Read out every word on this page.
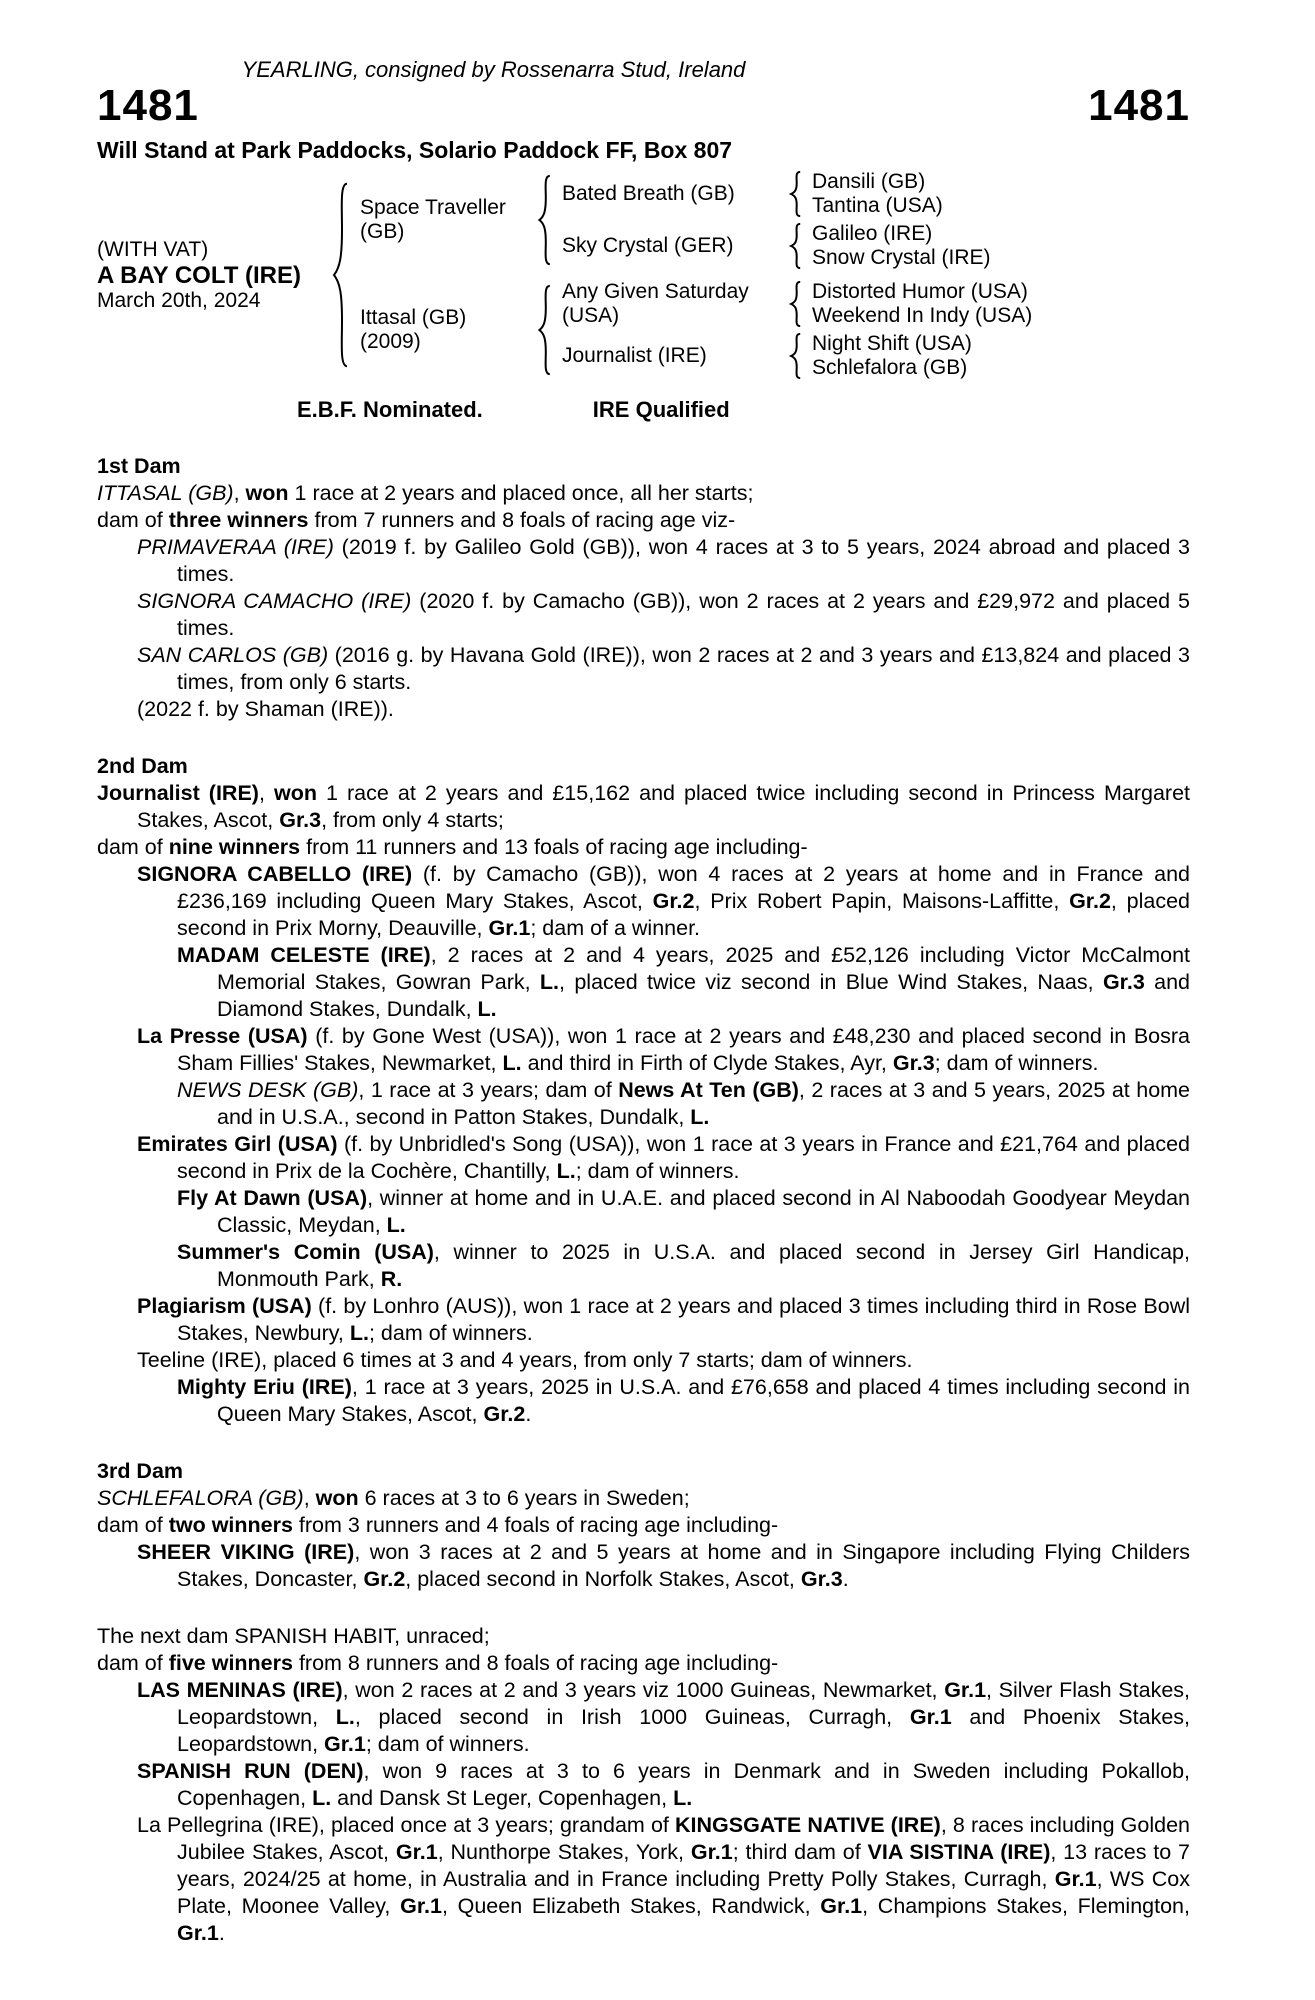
YEARLING, consigned by Rossenarra Stud, Ireland
1481	1481
Will Stand at Park Paddocks, Solario Paddock FF, Box 807
(WITH VAT)
A BAY COLT (IRE)
March 20th, 2024
Space Traveller (GB)
Bated Breath (GB)
Dansili (GB)
Tantina (USA)
Sky Crystal (GER)
Galileo (IRE)
Snow Crystal (IRE)
Ittasal (GB) (2009)
Any Given Saturday (USA)
Distorted Humor (USA)
Weekend In Indy (USA)
Journalist (IRE)
Night Shift (USA)
Schlefalora (GB)
E.B.F. Nominated.	IRE Qualified
1st Dam

ITTASAL (GB), won 1 race at 2 years and placed once, all her starts;

dam of three winners from 7 runners and 8 foals of racing age viz-

PRIMAVERAA (IRE) (2019 f. by Galileo Gold (GB)), won 4 races at 3 to 5 years, 2024 abroad and placed 3 times.

SIGNORA CAMACHO (IRE) (2020 f. by Camacho (GB)), won 2 races at 2 years and £29,972 and placed 5 times.

SAN CARLOS (GB) (2016 g. by Havana Gold (IRE)), won 2 races at 2 and 3 years and £13,824 and placed 3 times, from only 6 starts.

(2022 f. by Shaman (IRE)).

2nd Dam

Journalist (IRE), won 1 race at 2 years and £15,162 and placed twice including second in Princess Margaret Stakes, Ascot, Gr.3, from only 4 starts;

dam of nine winners from 11 runners and 13 foals of racing age including-

SIGNORA CABELLO (IRE) (f. by Camacho (GB)), won 4 races at 2 years at home and in France and £236,169 including Queen Mary Stakes, Ascot, Gr.2, Prix Robert Papin, Maisons-Laffitte, Gr.2, placed second in Prix Morny, Deauville, Gr.1; dam of a winner.

MADAM CELESTE (IRE), 2 races at 2 and 4 years, 2025 and £52,126 including Victor McCalmont Memorial Stakes, Gowran Park, L., placed twice viz second in Blue Wind Stakes, Naas, Gr.3 and Diamond Stakes, Dundalk, L.

La Presse (USA) (f. by Gone West (USA)), won 1 race at 2 years and £48,230 and placed second in Bosra Sham Fillies' Stakes, Newmarket, L. and third in Firth of Clyde Stakes, Ayr, Gr.3; dam of winners.

NEWS DESK (GB), 1 race at 3 years; dam of News At Ten (GB), 2 races at 3 and 5 years, 2025 at home and in U.S.A., second in Patton Stakes, Dundalk, L.

Emirates Girl (USA) (f. by Unbridled's Song (USA)), won 1 race at 3 years in France and £21,764 and placed second in Prix de la Cochère, Chantilly, L.; dam of winners.

Fly At Dawn (USA), winner at home and in U.A.E. and placed second in Al Naboodah Goodyear Meydan Classic, Meydan, L.

Summer's Comin (USA), winner to 2025 in U.S.A. and placed second in Jersey Girl Handicap, Monmouth Park, R.

Plagiarism (USA) (f. by Lonhro (AUS)), won 1 race at 2 years and placed 3 times including third in Rose Bowl Stakes, Newbury, L.; dam of winners.

Teeline (IRE), placed 6 times at 3 and 4 years, from only 7 starts; dam of winners.

Mighty Eriu (IRE), 1 race at 3 years, 2025 in U.S.A. and £76,658 and placed 4 times including second in Queen Mary Stakes, Ascot, Gr.2.

3rd Dam

SCHLEFALORA (GB), won 6 races at 3 to 6 years in Sweden;

dam of two winners from 3 runners and 4 foals of racing age including-

SHEER VIKING (IRE), won 3 races at 2 and 5 years at home and in Singapore including Flying Childers Stakes, Doncaster, Gr.2, placed second in Norfolk Stakes, Ascot, Gr.3.

The next dam SPANISH HABIT, unraced;

dam of five winners from 8 runners and 8 foals of racing age including-

LAS MENINAS (IRE), won 2 races at 2 and 3 years viz 1000 Guineas, Newmarket, Gr.1, Silver Flash Stakes, Leopardstown, L., placed second in Irish 1000 Guineas, Curragh, Gr.1 and Phoenix Stakes, Leopardstown, Gr.1; dam of winners.

SPANISH RUN (DEN), won 9 races at 3 to 6 years in Denmark and in Sweden including Pokallob, Copenhagen, L. and Dansk St Leger, Copenhagen, L.

La Pellegrina (IRE), placed once at 3 years; grandam of KINGSGATE NATIVE (IRE), 8 races including Golden Jubilee Stakes, Ascot, Gr.1, Nunthorpe Stakes, York, Gr.1; third dam of VIA SISTINA (IRE), 13 races to 7 years, 2024/25 at home, in Australia and in France including Pretty Polly Stakes, Curragh, Gr.1, WS Cox Plate, Moonee Valley, Gr.1, Queen Elizabeth Stakes, Randwick, Gr.1, Champions Stakes, Flemington, Gr.1.
